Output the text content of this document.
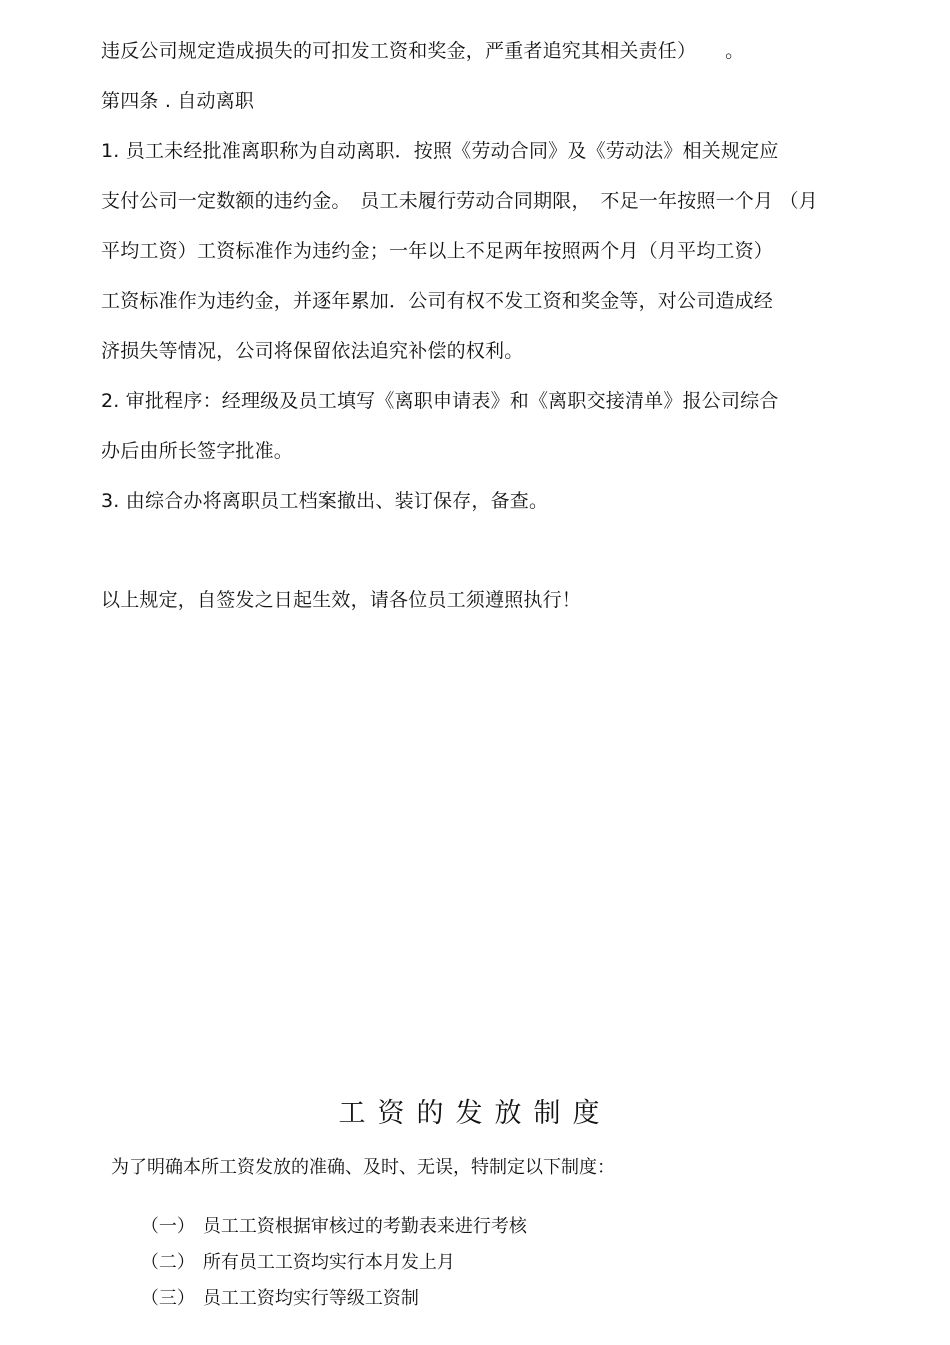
违反公司规定造成损失的可扣发工资和奖金，严重者追究其相关责任）　　。
第四条 . 自动离职
1. 员工未经批准离职称为自动离职．按照《劳动合同》及《劳动法》相关规定应
支付公司一定数额的违约金。　员工未履行劳动合同期限，　不足一年按照一个月 （月
平均工资）工资标准作为违约金；一年以上不足两年按照两个月（月平均工资）
工资标准作为违约金，并逐年累加．公司有权不发工资和奖金等，对公司造成经
济损失等情况，公司将保留依法追究补偿的权利。
2. 审批程序：经理级及员工填写《离职申请表》和《离职交接清单》报公司综合
办后由所长签字批准。
3. 由综合办将离职员工档案撤出、装订保存，备查。
以上规定，自签发之日起生效，请各位员工须遵照执行！
工资的发放制度
为了明确本所工资发放的准确、及时、无误，特制定以下制度：

（一） 员工工资根据审核过的考勤表来进行考核

（二） 所有员工工资均实行本月发上月

（三） 员工工资均实行等级工资制
